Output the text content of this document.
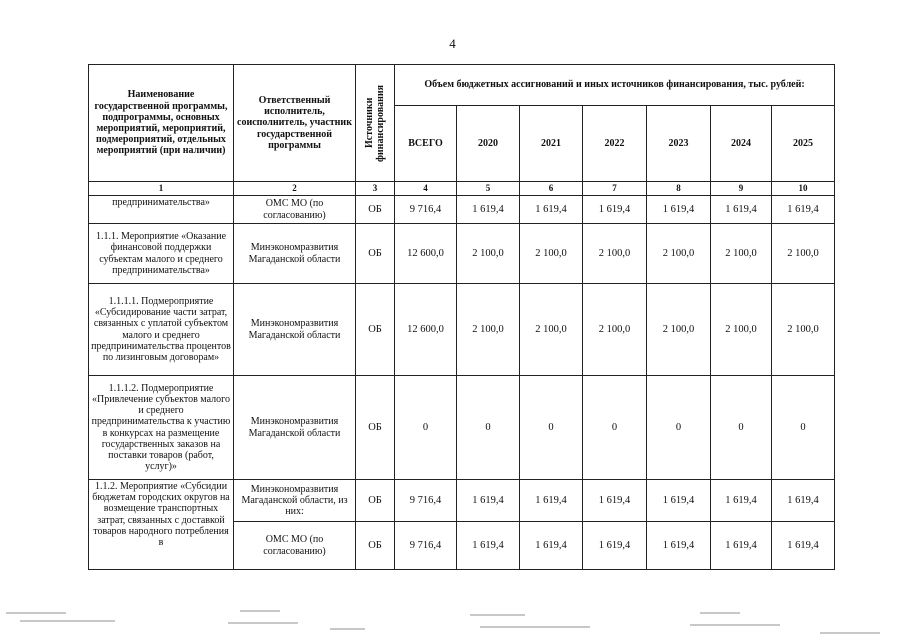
4
Наименование государственной программы, подпрограммы, основных мероприятий, мероприятий, подмероприятий, отдельных мероприятий (при наличии)	Ответственный исполнитель, соисполнитель, участник государственной программы	Источники финансирования	Объем бюджетных ассигнований и иных источников финансирования, тыс. рублей:						
			ВСЕГО	2020	2021	2022	2023	2024	2025
1	2	3	4	5	6	7	8	9	10
предпринимательства»	ОМС МО (по согласованию)	ОБ	9 716,4	1 619,4	1 619,4	1 619,4	1 619,4	1 619,4	1 619,4
1.1.1. Мероприятие «Оказание финансовой поддержки субъектам малого и среднего предпринимательства»	Минэкономразвития Магаданской области	ОБ	12 600,0	2 100,0	2 100,0	2 100,0	2 100,0	2 100,0	2 100,0
1.1.1.1. Подмероприятие «Субсидирование части затрат, связанных с уплатой субъектом малого и среднего предпринимательства процентов по лизинговым договорам»	Минэкономразвития Магаданской области	ОБ	12 600,0	2 100,0	2 100,0	2 100,0	2 100,0	2 100,0	2 100,0
1.1.1.2. Подмероприятие «Привлечение субъектов малого и среднего предпринимательства к участию в конкурсах на размещение государственных заказов на поставки товаров (работ, услуг)»	Минэкономразвития Магаданской области	ОБ	0	0	0	0	0	0	0
1.1.2. Мероприятие «Субсидии бюджетам городских округов на возмещение транспортных затрат, связанных с доставкой товаров народного потребления в	Минэкономразвития Магаданской области, из них:	ОБ	9 716,4	1 619,4	1 619,4	1 619,4	1 619,4	1 619,4	1 619,4
	ОМС МО (по согласованию)	ОБ	9 716,4	1 619,4	1 619,4	1 619,4	1 619,4	1 619,4	1 619,4
